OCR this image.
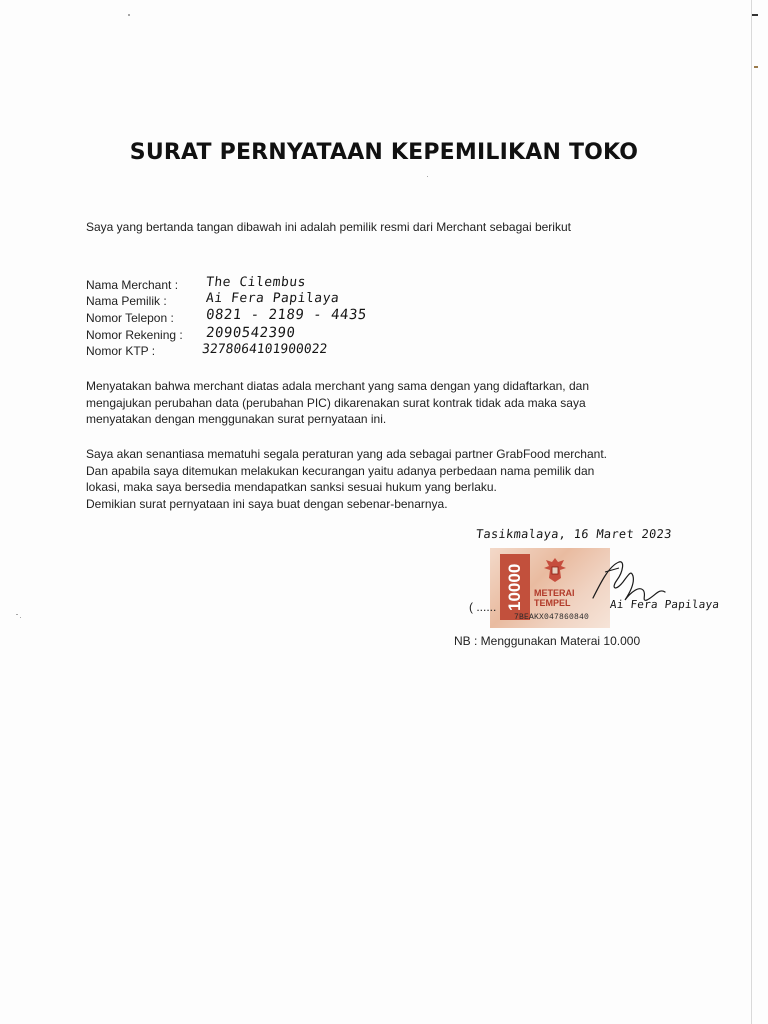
SURAT PERNYATAAN KEPEMILIKAN TOKO
Saya yang bertanda tangan dibawah ini adalah pemilik resmi dari Merchant sebagai berikut
Nama Merchant : The Cilembus
Nama Pemilik :	Ai Fera Papilaya
Nomor Telepon : 0821 - 2189 - 4435
Nomor Rekening : 2090542390
Nomor KTP :	3278064101900022

Menyatakan bahwa merchant diatas adala merchant yang sama dengan yang didaftarkan, dan

mengajukan perubahan data (perubahan PIC) dikarenakan surat kontrak tidak ada maka saya

menyatakan dengan menggunakan surat pernyataan ini.

Saya akan senantiasa mematuhi segala peraturan yang ada sebagai partner GrabFood merchant.

Dan apabila saya ditemukan melakukan kecurangan yaitu adanya perbedaan nama pemilik dan

lokasi, maka saya bersedia mendapatkan sanksi sesuai hukum yang berlaku.

Demikian surat pernyataan ini saya buat dengan sebenar-benarnya.

Tasikmalaya, 16 Maret 2023
10000	METERAI
TEMPEL
7BEAKX047860840
( ......	Ai Fera Papilaya
NB : Menggunakan Materai 10.000
